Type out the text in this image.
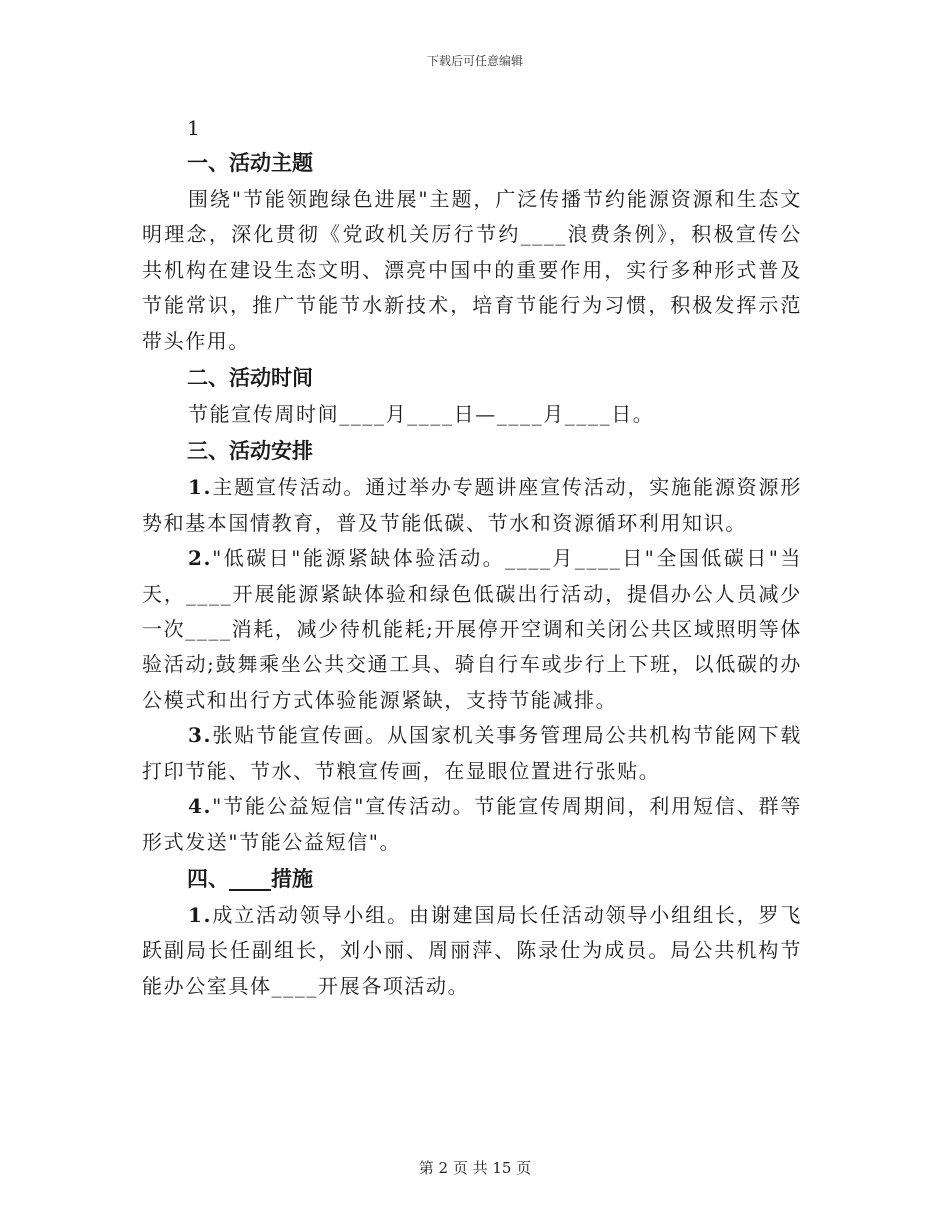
下载后可任意编辑
1
一、活动主题

围绕"节能领跑绿色进展"主题，广泛传播节约能源资源和生态文明理念，深化贯彻《党政机关厉行节约____浪费条例》，积极宣传公共机构在建设生态文明、漂亮中国中的重要作用，实行多种形式普及节能常识，推广节能节水新技术，培育节能行为习惯，积极发挥示范带头作用。

二、活动时间

节能宣传周时间____月____日—____月____日。

三、活动安排

1.主题宣传活动。通过举办专题讲座宣传活动，实施能源资源形势和基本国情教育，普及节能低碳、节水和资源循环利用知识。

2."低碳日"能源紧缺体验活动。____月____日"全国低碳日"当天，____开展能源紧缺体验和绿色低碳出行活动，提倡办公人员减少一次____消耗，减少待机能耗;开展停开空调和关闭公共区域照明等体验活动;鼓舞乘坐公共交通工具、骑自行车或步行上下班，以低碳的办公模式和出行方式体验能源紧缺，支持节能减排。

3.张贴节能宣传画。从国家机关事务管理局公共机构节能网下载打印节能、节水、节粮宣传画，在显眼位置进行张贴。

4."节能公益短信"宣传活动。节能宣传周期间，利用短信、群等形式发送"节能公益短信"。

四、____措施

1.成立活动领导小组。由谢建国局长任活动领导小组组长，罗飞跃副局长任副组长，刘小丽、周丽萍、陈录仕为成员。局公共机构节能办公室具体____开展各项活动。

第 2 页 共 15 页
